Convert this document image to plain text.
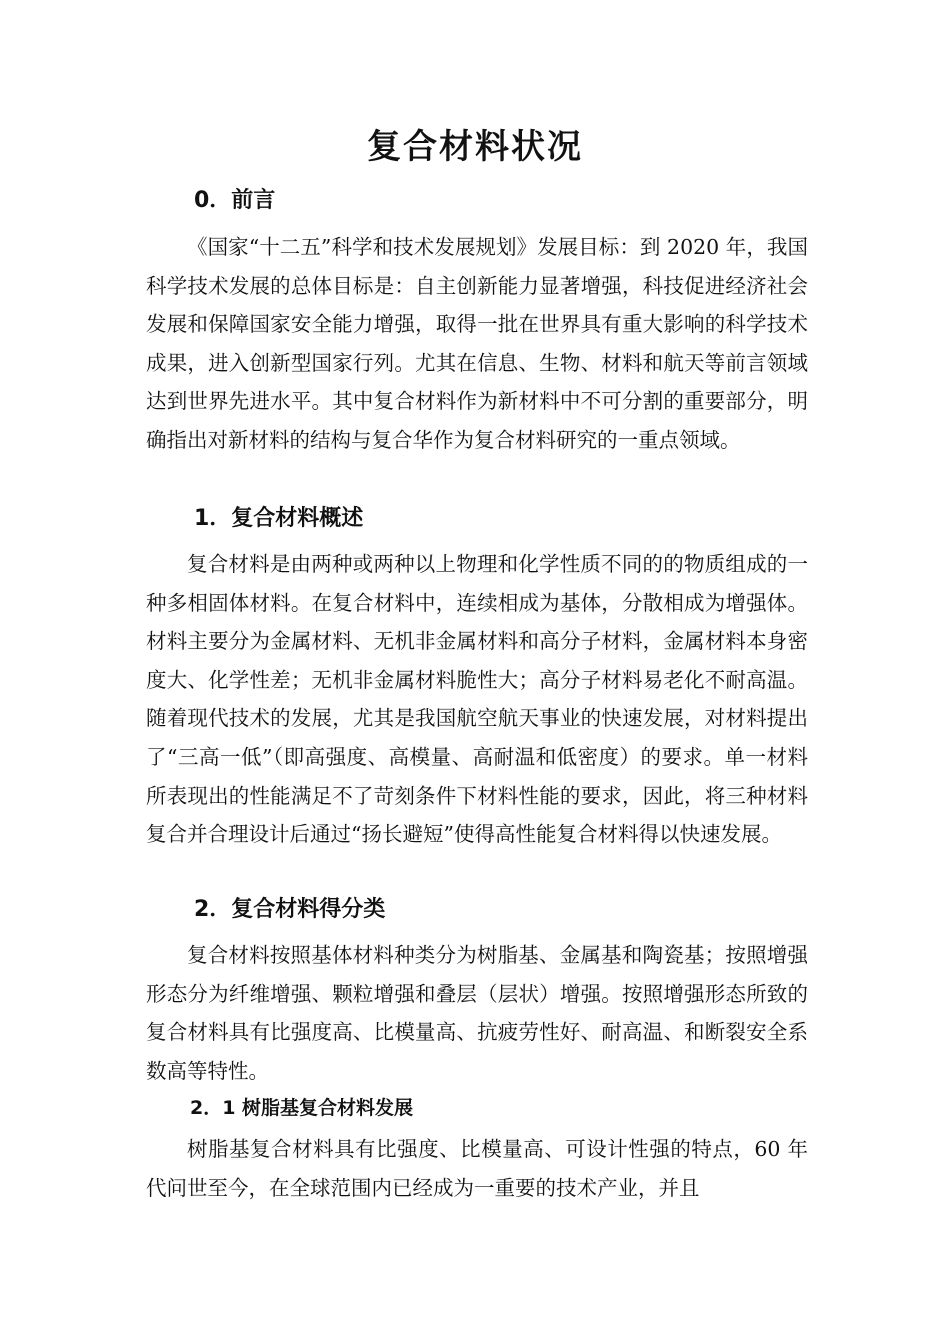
复合材料状况
0．前言

《国家“十二五”科学和技术发展规划》发展目标：到 2020 年，我国科学技术发展的总体目标是：自主创新能力显著增强，科技促进经济社会发展和保障国家安全能力增强，取得一批在世界具有重大影响的科学技术成果，进入创新型国家行列。尤其在信息、生物、材料和航天等前言领域达到世界先进水平。其中复合材料作为新材料中不可分割的重要部分，明确指出对新材料的结构与复合华作为复合材料研究的一重点领域。

1．复合材料概述

复合材料是由两种或两种以上物理和化学性质不同的的物质组成的一种多相固体材料。在复合材料中，连续相成为基体，分散相成为增强体。材料主要分为金属材料、无机非金属材料和高分子材料，金属材料本身密度大、化学性差；无机非金属材料脆性大；高分子材料易老化不耐高温。随着现代技术的发展，尤其是我国航空航天事业的快速发展，对材料提出了“三高一低”（即高强度、高模量、高耐温和低密度）的要求。单一材料所表现出的性能满足不了苛刻条件下材料性能的要求，因此，将三种材料复合并合理设计后通过“扬长避短”使得高性能复合材料得以快速发展。

2．复合材料得分类

复合材料按照基体材料种类分为树脂基、金属基和陶瓷基；按照增强形态分为纤维增强、颗粒增强和叠层（层状）增强。按照增强形态所致的复合材料具有比强度高、比模量高、抗疲劳性好、耐高温、和断裂安全系数高等特性。

2．1 树脂基复合材料发展

树脂基复合材料具有比强度、比模量高、可设计性强的特点，60 年代问世至今，在全球范围内已经成为一重要的技术产业，并且
